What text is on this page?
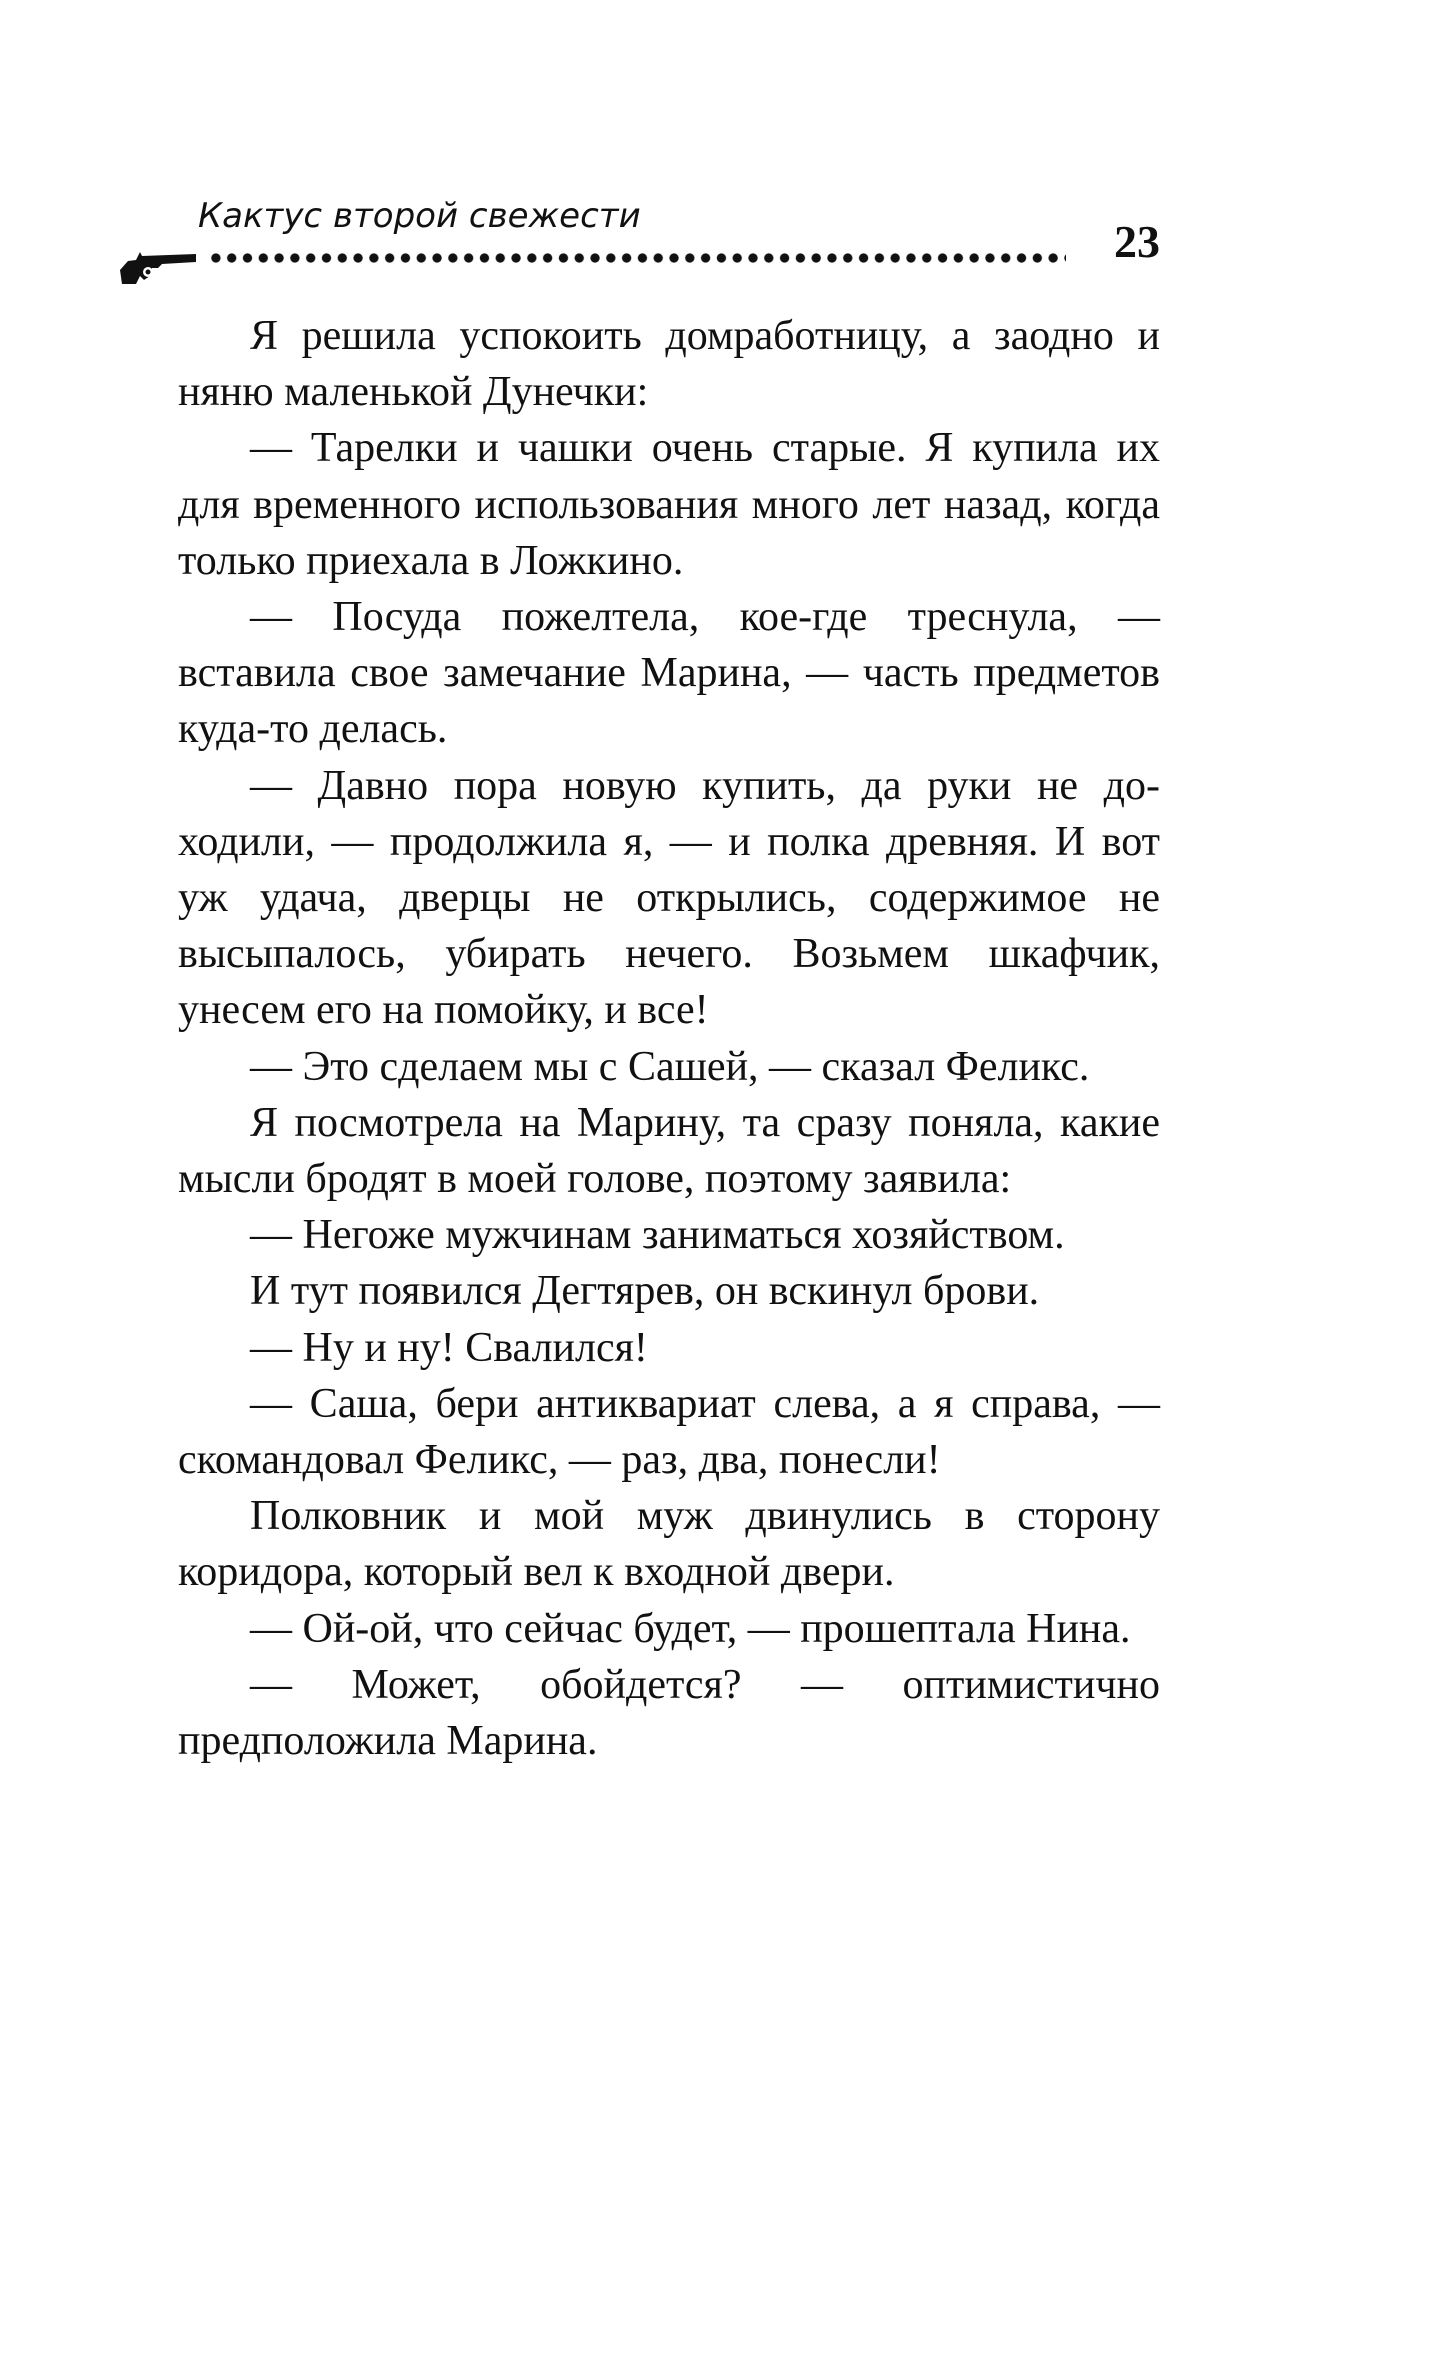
Кактус второй свежести	23

Я решила успокоить домработницу, а заодно и няню маленькой Дунечки:

— Тарелки и чашки очень старые. Я купила их для временного использования много лет назад, когда только приехала в Ложкино.

— Посуда пожелтела, кое-где треснула, — вставила свое замечание Марина, — часть предметов куда-то делась.

— Давно пора новую купить, да руки не доходили, — продолжила я, — и полка древняя. И вот уж удача, дверцы не открылись, содержимое не высыпалось, убирать нечего. Возьмем шкафчик, унесем его на помойку, и все!

— Это сделаем мы с Сашей, — сказал Феликс.

Я посмотрела на Марину, та сразу поняла, какие мысли бродят в моей голове, поэтому заявила:

— Негоже мужчинам заниматься хозяйством.

И тут появился Дегтярев, он вскинул брови.

— Ну и ну! Свалился!

— Саша, бери антиквариат слева, а я справа, — скомандовал Феликс, — раз, два, понесли!

Полковник и мой муж двинулись в сторону коридора, который вел к входной двери.

— Ой-ой, что сейчас будет, — прошептала Нина.

— Может, обойдется? — оптимистично предположила Марина.
